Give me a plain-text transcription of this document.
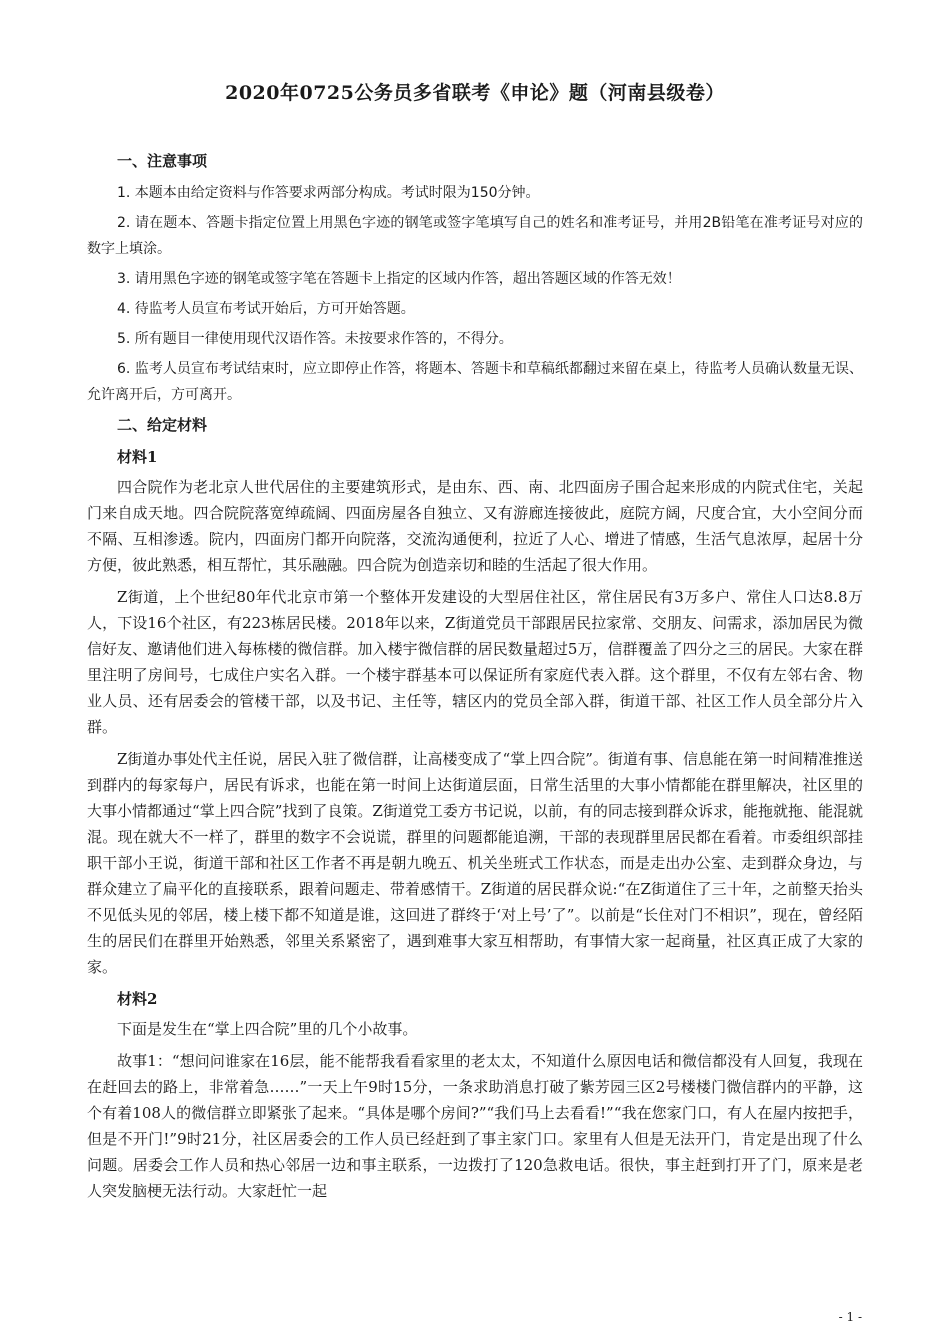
2020年0725公务员多省联考《申论》题（河南县级卷）
一、注意事项
1. 本题本由给定资料与作答要求两部分构成。考试时限为150分钟。
2. 请在题本、答题卡指定位置上用黑色字迹的钢笔或签字笔填写自己的姓名和准考证号，并用2B铅笔在准考证号对应的数字上填涂。
3. 请用黑色字迹的钢笔或签字笔在答题卡上指定的区域内作答，超出答题区域的作答无效！
4. 待监考人员宣布考试开始后，方可开始答题。
5. 所有题目一律使用现代汉语作答。未按要求作答的，不得分。
6. 监考人员宣布考试结束时，应立即停止作答，将题本、答题卡和草稿纸都翻过来留在桌上，待监考人员确认数量无误、允许离开后，方可离开。
二、给定材料
材料1

四合院作为老北京人世代居住的主要建筑形式，是由东、西、南、北四面房子围合起来形成的内院式住宅，关起门来自成天地。四合院院落宽绰疏阔、四面房屋各自独立、又有游廊连接彼此，庭院方阔，尺度合宜，大小空间分而不隔、互相渗透。院内，四面房门都开向院落，交流沟通便利，拉近了人心、增进了情感，生活气息浓厚，起居十分方便，彼此熟悉，相互帮忙，其乐融融。四合院为创造亲切和睦的生活起了很大作用。

Z街道，上个世纪80年代北京市第一个整体开发建设的大型居住社区，常住居民有3万多户、常住人口达8.8万人，下设16个社区，有223栋居民楼。2018年以来，Z街道党员干部跟居民拉家常、交朋友、问需求，添加居民为微信好友、邀请他们进入每栋楼的微信群。加入楼宇微信群的居民数量超过5万，信群覆盖了四分之三的居民。大家在群里注明了房间号，七成住户实名入群。一个楼宇群基本可以保证所有家庭代表入群。这个群里，不仅有左邻右舍、物业人员、还有居委会的管楼干部，以及书记、主任等，辖区内的党员全部入群，街道干部、社区工作人员全部分片入群。

Z街道办事处代主任说，居民入驻了微信群，让高楼变成了“掌上四合院”。街道有事、信息能在第一时间精准推送到群内的每家每户，居民有诉求，也能在第一时间上达街道层面，日常生活里的大事小情都能在群里解决，社区里的大事小情都通过“掌上四合院”找到了良策。Z街道党工委方书记说，以前，有的同志接到群众诉求，能拖就拖、能混就混。现在就大不一样了，群里的数字不会说谎，群里的问题都能追溯，干部的表现群里居民都在看着。市委组织部挂职干部小王说，街道干部和社区工作者不再是朝九晚五、机关坐班式工作状态，而是走出办公室、走到群众身边，与群众建立了扁平化的直接联系，跟着问题走、带着感情干。Z街道的居民群众说:“在Z街道住了三十年，之前整天抬头不见低头见的邻居，楼上楼下都不知道是谁，这回进了群终于‘对上号’了”。以前是“长住对门不相识”，现在，曾经陌生的居民们在群里开始熟悉，邻里关系紧密了，遇到难事大家互相帮助，有事情大家一起商量，社区真正成了大家的家。

材料2

下面是发生在“掌上四合院”里的几个小故事。

故事1：“想问问谁家在16层，能不能帮我看看家里的老太太，不知道什么原因电话和微信都没有人回复，我现在在赶回去的路上，非常着急……”一天上午9时15分，一条求助消息打破了紫芳园三区2号楼楼门微信群内的平静，这个有着108人的微信群立即紧张了起来。“具体是哪个房间?”“我们马上去看看!”“我在您家门口，有人在屋内按把手，但是不开门!”9时21分，社区居委会的工作人员已经赶到了事主家门口。家里有人但是无法开门，肯定是出现了什么问题。居委会工作人员和热心邻居一边和事主联系，一边拨打了120急救电话。很快，事主赶到打开了门，原来是老人突发脑梗无法行动。大家赶忙一起

- 1 -
